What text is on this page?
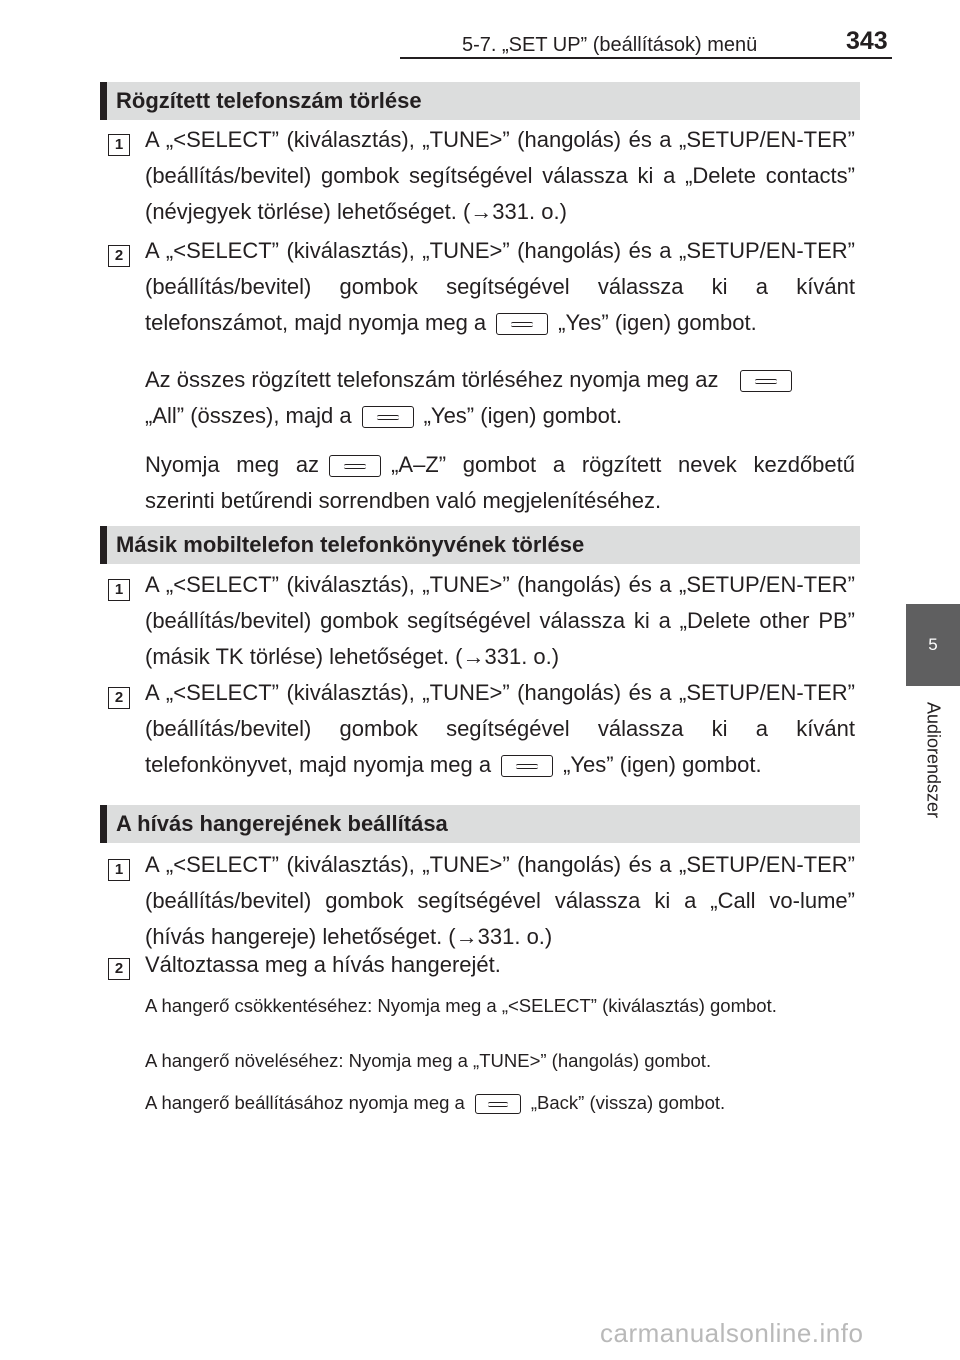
5-7. „SET UP” (beállítások) menü	343
5
Audiorendszer
Rögzített telefonszám törlése
1 A „<SELECT” (kiválasztás), „TUNE>” (hangolás) és a „SETUP/EN-TER” (beállítás/bevitel) gombok segítségével válassza ki a „Delete contacts” (névjegyek törlése) lehetőséget. (→331. o.)

2 A „<SELECT” (kiválasztás), „TUNE>” (hangolás) és a „SETUP/EN-TER” (beállítás/bevitel) gombok segítségével válassza ki a kívánt telefonszámot, majd nyomja meg a	„Yes” (igen) gombot.

Az összes rögzített telefonszám törléséhez nyomja meg az
„All” (összes), majd a	„Yes” (igen) gombot.

Nyomja meg az	„A–Z” gombot a rögzített nevek kezdőbetű szerinti betűrendi sorrendben való megjelenítéséhez.

Másik mobiltelefon telefonkönyvének törlése
1 A „<SELECT” (kiválasztás), „TUNE>” (hangolás) és a „SETUP/EN-TER” (beállítás/bevitel) gombok segítségével válassza ki a „Delete other PB” (másik TK törlése) lehetőséget. (→331. o.)

2 A „<SELECT” (kiválasztás), „TUNE>” (hangolás) és a „SETUP/EN-TER” (beállítás/bevitel) gombok segítségével válassza ki a kívánt telefonkönyvet, majd nyomja meg a	„Yes” (igen) gombot.

A hívás hangerejének beállítása
1 A „<SELECT” (kiválasztás), „TUNE>” (hangolás) és a „SETUP/EN-TER” (beállítás/bevitel) gombok segítségével válassza ki a „Call vo-lume” (hívás hangereje) lehetőséget. (→331. o.)

2 Változtassa meg a hívás hangerejét.

A hangerő csökkentéséhez: Nyomja meg a „<SELECT” (kiválasztás) gombot.

A hangerő növeléséhez: Nyomja meg a „TUNE>” (hangolás) gombot.

A hangerő beállításához nyomja meg a	„Back” (vissza) gombot.

carmanualsonline.info
